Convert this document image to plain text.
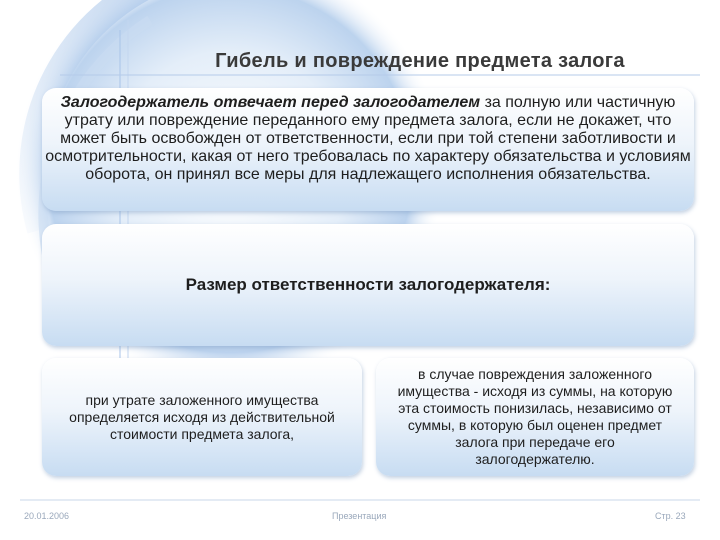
Гибель и повреждение предмета залога
Залогодержатель отвечает перед залогодателем за полную или частичную утрату или повреждение переданного ему предмета залога, если не докажет, что может быть освобожден от ответственности, если при той степени заботливости и осмотрительности, какая от него требовалась по характеру обязательства и условиям оборота, он принял все меры для надлежащего исполнения обязательства.
Размер ответственности залогодержателя:
при утрате заложенного имущества определяется исходя из действительной стоимости предмета залога,
в случае повреждения заложенного имущества - исходя из суммы, на которую эта стоимость понизилась, независимо от суммы, в которую был оценен предмет залога при передаче его залогодержателю.
20.01.2006	Презентация	Стр. 23
